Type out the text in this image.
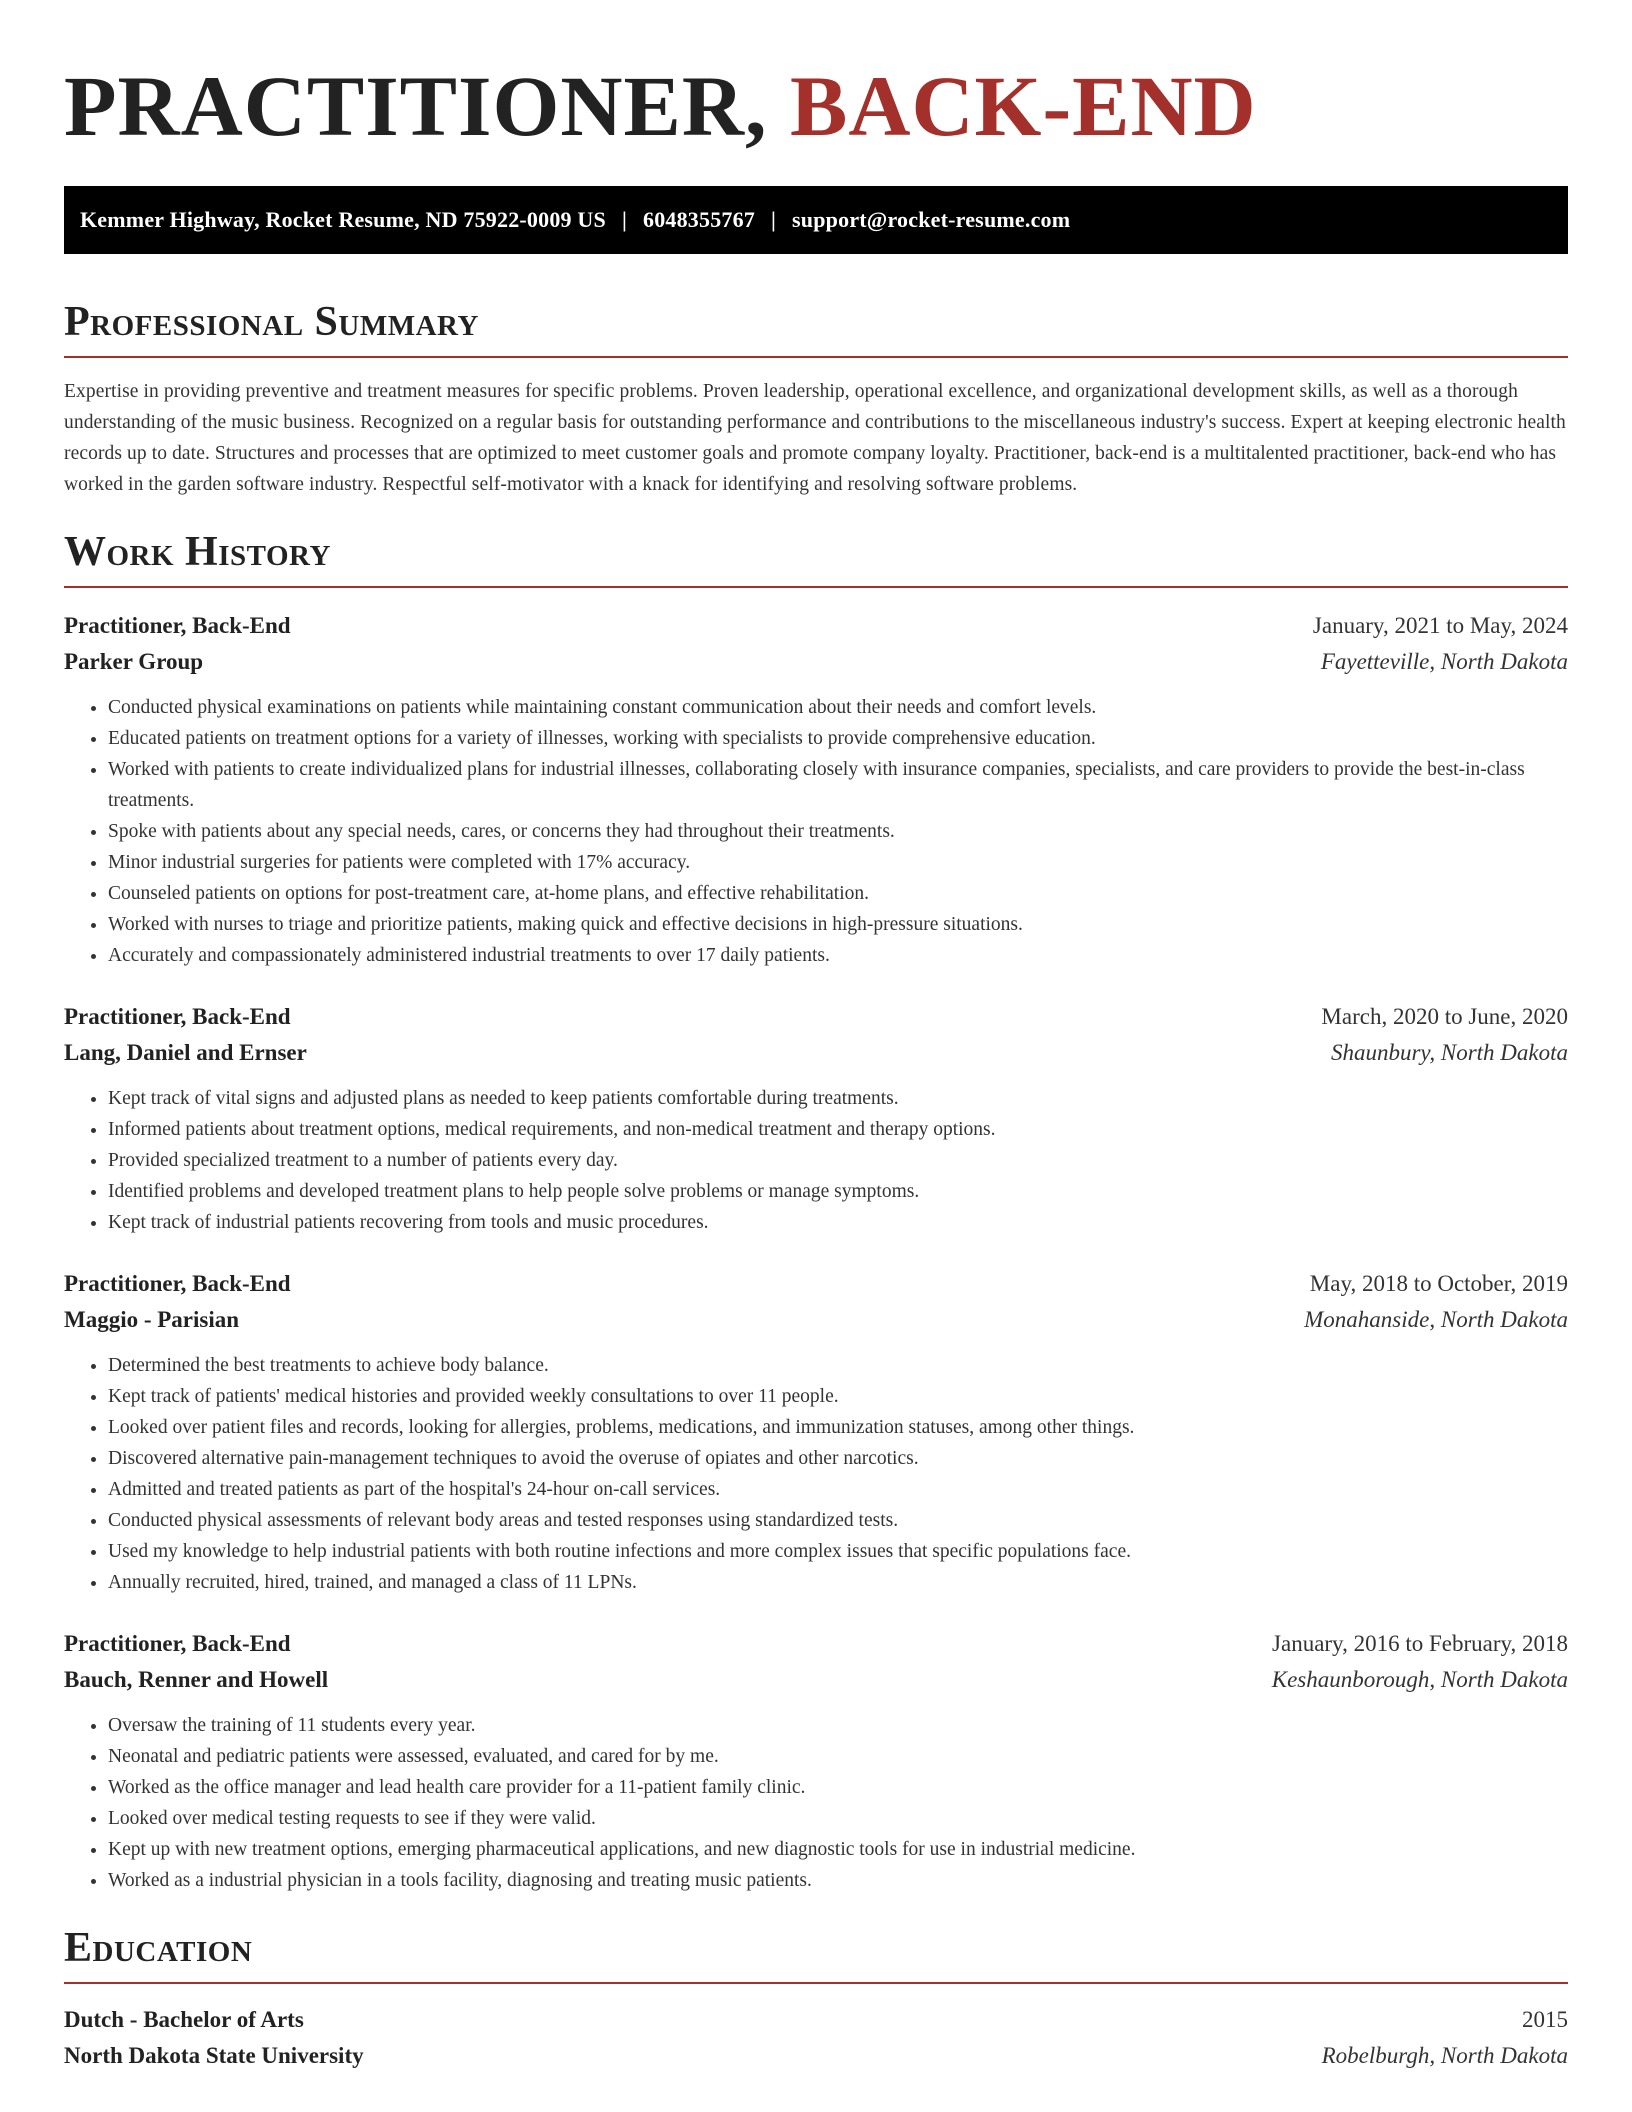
PRACTITIONER, BACK-END
Kemmer Highway, Rocket Resume, ND 75922-0009 US | 6048355767 | support@rocket-resume.com
Professional Summary
Expertise in providing preventive and treatment measures for specific problems. Proven leadership, operational excellence, and organizational development skills, as well as a thorough understanding of the music business. Recognized on a regular basis for outstanding performance and contributions to the miscellaneous industry's success. Expert at keeping electronic health records up to date. Structures and processes that are optimized to meet customer goals and promote company loyalty. Practitioner, back-end is a multitalented practitioner, back-end who has worked in the garden software industry. Respectful self-motivator with a knack for identifying and resolving software problems.
Work History
Practitioner, Back-End	January, 2021 to May, 2024
Parker Group	Fayetteville, North Dakota
• Conducted physical examinations on patients while maintaining constant communication about their needs and comfort levels.
• Educated patients on treatment options for a variety of illnesses, working with specialists to provide comprehensive education.
• Worked with patients to create individualized plans for industrial illnesses, collaborating closely with insurance companies, specialists, and care providers to provide the best-in-class treatments.
• Spoke with patients about any special needs, cares, or concerns they had throughout their treatments.
• Minor industrial surgeries for patients were completed with 17% accuracy.
• Counseled patients on options for post-treatment care, at-home plans, and effective rehabilitation.
• Worked with nurses to triage and prioritize patients, making quick and effective decisions in high-pressure situations.
• Accurately and compassionately administered industrial treatments to over 17 daily patients.
Practitioner, Back-End	March, 2020 to June, 2020
Lang, Daniel and Ernser	Shaunbury, North Dakota
• Kept track of vital signs and adjusted plans as needed to keep patients comfortable during treatments.
• Informed patients about treatment options, medical requirements, and non-medical treatment and therapy options.
• Provided specialized treatment to a number of patients every day.
• Identified problems and developed treatment plans to help people solve problems or manage symptoms.
• Kept track of industrial patients recovering from tools and music procedures.
Practitioner, Back-End	May, 2018 to October, 2019
Maggio - Parisian	Monahanside, North Dakota
• Determined the best treatments to achieve body balance.
• Kept track of patients' medical histories and provided weekly consultations to over 11 people.
• Looked over patient files and records, looking for allergies, problems, medications, and immunization statuses, among other things.
• Discovered alternative pain-management techniques to avoid the overuse of opiates and other narcotics.
• Admitted and treated patients as part of the hospital's 24-hour on-call services.
• Conducted physical assessments of relevant body areas and tested responses using standardized tests.
• Used my knowledge to help industrial patients with both routine infections and more complex issues that specific populations face.
• Annually recruited, hired, trained, and managed a class of 11 LPNs.
Practitioner, Back-End	January, 2016 to February, 2018
Bauch, Renner and Howell	Keshaunborough, North Dakota
• Oversaw the training of 11 students every year.
• Neonatal and pediatric patients were assessed, evaluated, and cared for by me.
• Worked as the office manager and lead health care provider for a 11-patient family clinic.
• Looked over medical testing requests to see if they were valid.
• Kept up with new treatment options, emerging pharmaceutical applications, and new diagnostic tools for use in industrial medicine.
• Worked as a industrial physician in a tools facility, diagnosing and treating music patients.
Education
Dutch - Bachelor of Arts	2015
North Dakota State University	Robelburgh, North Dakota
